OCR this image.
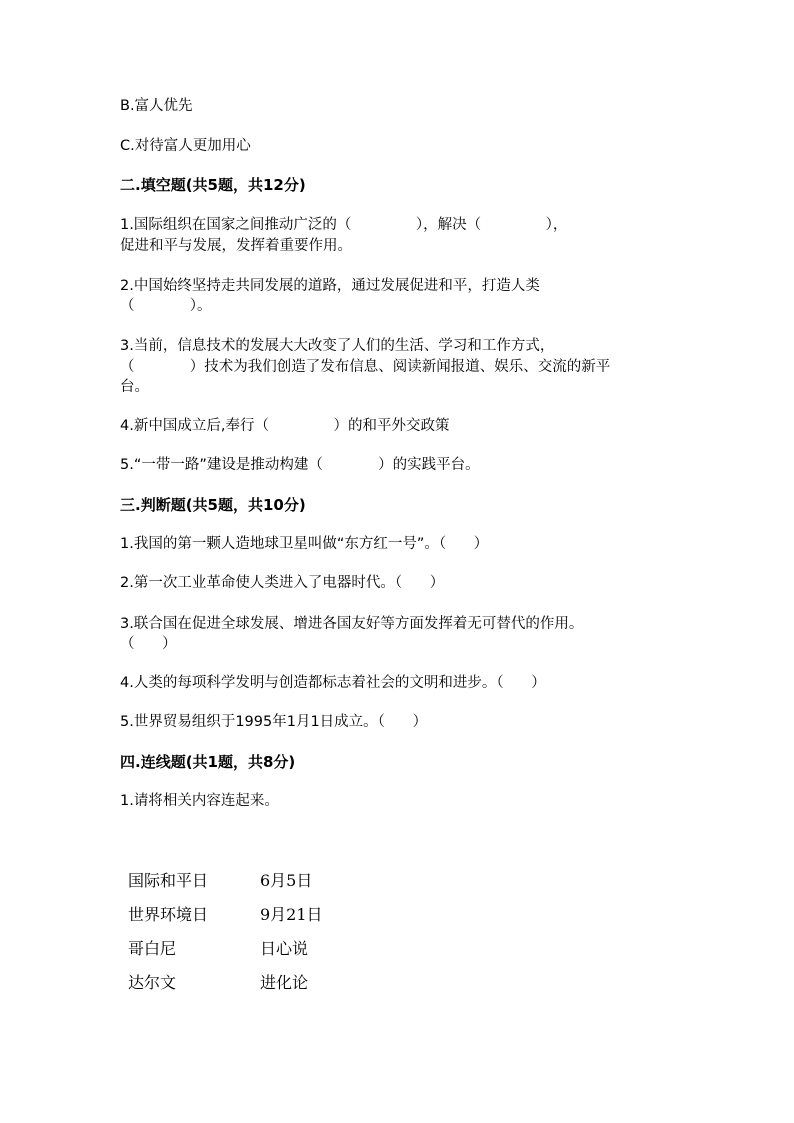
B.富人优先
C.对待富人更加用心
二.填空题(共5题，共12分)
1.国际组织在国家之间推动广泛的（              ），解决（              ），
促进和平与发展，发挥着重要作用。
2.中国始终坚持走共同发展的道路，通过发展促进和平，打造人类
（            ）。
3.当前，信息技术的发展大大改变了人们的生活、学习和工作方式，
（            ）技术为我们创造了发布信息、阅读新闻报道、娱乐、交流的新平
台。
4.新中国成立后,奉行（              ）的和平外交政策
5.“一带一路”建设是推动构建（            ）的实践平台。
三.判断题(共5题，共10分)
1.我国的第一颗人造地球卫星叫做“东方红一号”。（      ）
2.第一次工业革命使人类进入了电器时代。（      ）
3.联合国在促进全球发展、增进各国友好等方面发挥着无可替代的作用。
（      ）
4.人类的每项科学发明与创造都标志着社会的文明和进步。（      ）
5.世界贸易组织于1995年1月1日成立。（      ）
四.连线题(共1题，共8分)
1.请将相关内容连起来。
国际和平日	6月5日
世界环境日	9月21日
哥白尼	日心说
达尔文	进化论
